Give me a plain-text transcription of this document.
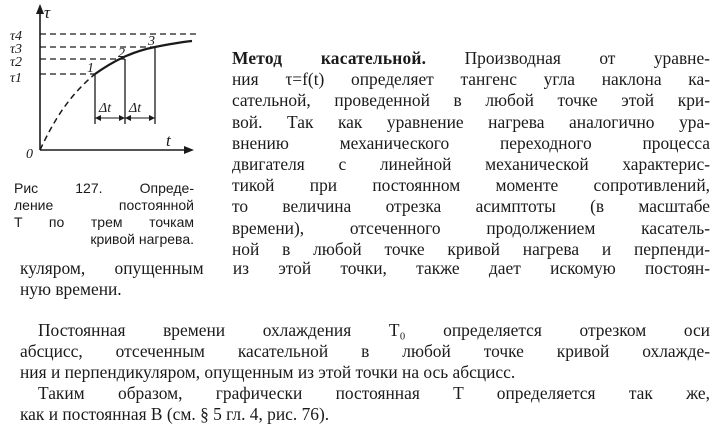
τ
t
0
τ4
τ3
τ2
τ1
Δt Δt
1
2
3
Рис 127. Опреде-
ление постоянной
T по трем точкам
кривой нагрева.
Метод касательной. Производная от уравне-
ния τ=f(t) определяет тангенс угла наклона ка-
сательной, проведенной в любой точке этой кри-
вой. Так как уравнение нагрева аналогично ура-
внению механического переходного процесса
двигателя с линейной механической характерис-
тикой при постоянном моменте сопротивлений,
то величина отрезка асимптоты (в масштабе
времени), отсеченного продолжением касатель-
ной в любой точке кривой нагрева и перпенди-
куляром, опущенным из этой точки, также дает искомую постоян-
ную времени.
Постоянная времени охлаждения T₀ определяется отрезком оси
абсцисс, отсеченным касательной в любой точке кривой охлажде-
ния и перпендикуляром, опущенным из этой точки на ось абсцисс.
Таким образом, графически постоянная T определяется так же,
как и постоянная B (см. § 5 гл. 4, рис. 76).
